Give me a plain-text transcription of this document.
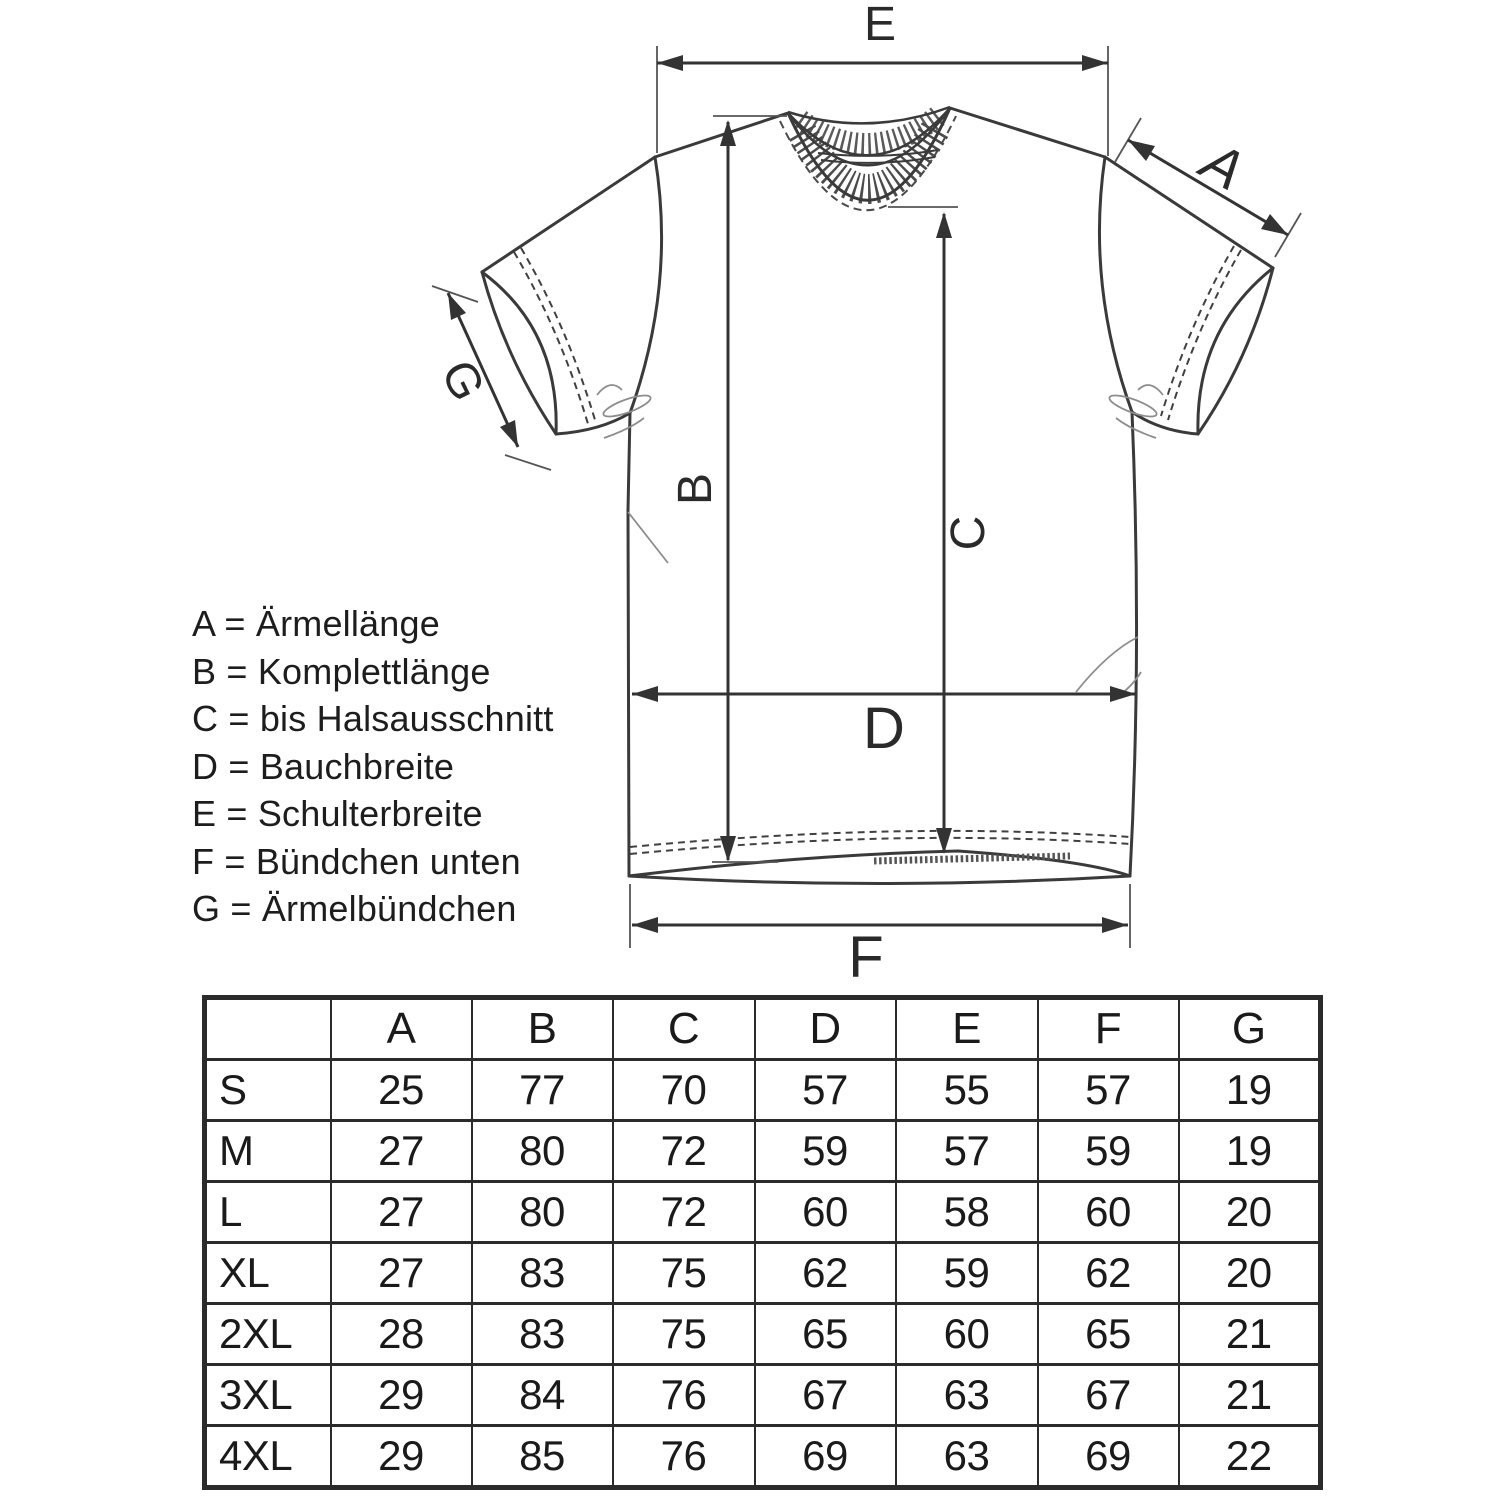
E
A
B
C
G
D
F
A = Ärmellänge
B = Komplettlänge
C = bis Halsausschnitt
D = Bauchbreite
E = Schulterbreite
F = Bündchen unten
G = Ärmelbündchen
	A	B	C	D	E	F	G
S	25	77	70	57	55	57	19
M	27	80	72	59	57	59	19
L	27	80	72	60	58	60	20
XL	27	83	75	62	59	62	20
2XL	28	83	75	65	60	65	21
3XL	29	84	76	67	63	67	21
4XL	29	85	76	69	63	69	22
